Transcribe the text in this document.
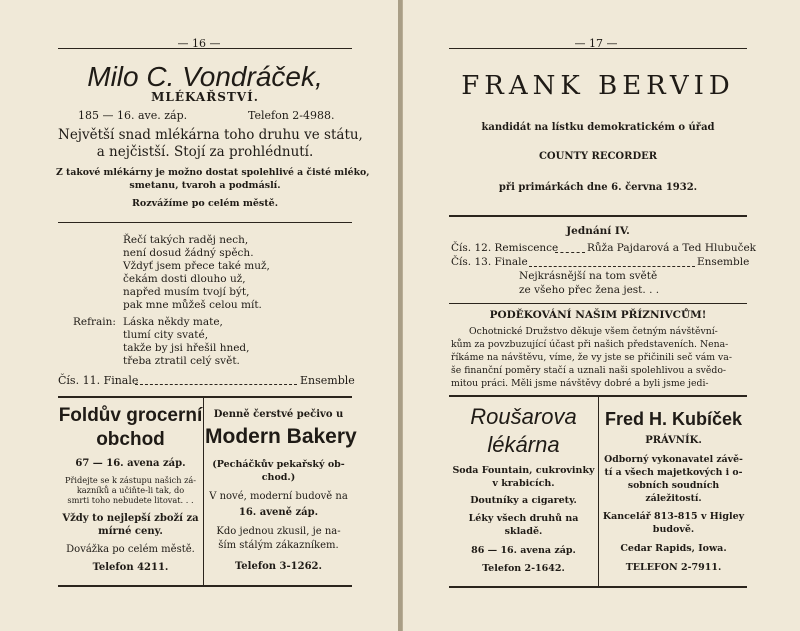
— 16 —
Milo C. Vondráček,
MLÉKAŘSTVÍ.
185 — 16. ave. záp.	Telefon 2-4988.
Největší snad mlékárna toho druhu ve státu,
a nejčistší. Stojí za prohlédnutí.
Z takové mlékárny je možno dostat spolehlivé a čisté mléko,
smetanu, tvaroh a podmáslí.
Rozvážíme po celém městě.
Řečí takých raděj nech,
není dosud žádný spěch.
Vždyť jsem přece také muž,
čekám dosti dlouho už,
napřed musím tvojí být,
pak mne můžeš celou mít.
Refrain: Láska někdy mate,
tlumí city svaté,
takže by jsi hřešil hned,
třeba ztratil celý svět.
Čís. 11. Finale	Ensemble
Foldův grocerní
obchod
67 — 16. avena záp.
Přidejte se k zástupu našich zá-
kazníků a učiňte-li tak, do
smrti toho nebudete litovat. . .
Vždy to nejlepší zboží za
mírné ceny.
Dovážka po celém městě.
Telefon 4211.
Denně čerstvé pečivo u
Modern Bakery
(Pecháčkův pekařský ob-
chod.)
V nové, moderní budově na
16. aveně záp.
Kdo jednou zkusil, je na-
ším stálým zákazníkem.
Telefon 3-1262.
— 17 —
FRANK BERVID
kandidát na lístku demokratickém o úřad
COUNTY RECORDER
při primárkách dne 6. června 1932.
Jednání IV.
Čís. 12. Remiscence	Růža Pajdarová a Ted Hlubuček
Čís. 13. Finale	Ensemble
Nejkrásnější na tom světě
ze všeho přec žena jest. . .
PODĚKOVÁNÍ NAŠIM PŘÍZNIVCŮM!
Ochotnické Družstvo děkuje všem četným návštěvní-
kům za povzbuzující účast při našich představeních. Nena-
říkáme na návštěvu, víme, že vy jste se přičinili seč vám va-
še finanční poměry stačí a uznali naši spolehlivou a svědo-
mitou práci. Měli jsme návštěvy dobré a byli jsme jedi-
Roušarova
lékárna
Soda Fountain, cukrovinky
v krabicích.
Doutníky a cigarety.
Léky všech druhů na
skladě.
86 — 16. avena záp.
Telefon 2-1642.
Fred H. Kubíček
PRÁVNÍK.
Odborný vykonavatel závě-
tí a všech majetkových i o-
sobních soudních
záležitostí.
Kancelář 813-815 v Higley
budově.
Cedar Rapids, Iowa.
TELEFON 2-7911.
